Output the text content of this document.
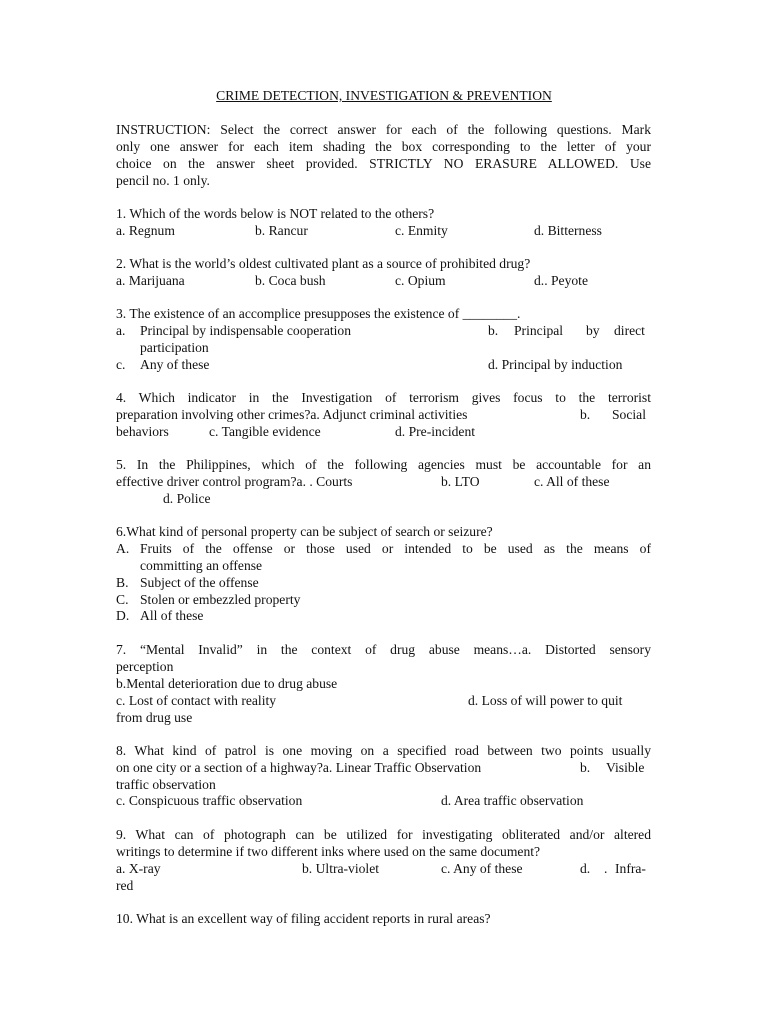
CRIME DETECTION, INVESTIGATION & PREVENTION
INSTRUCTION: Select the correct answer for each of the following questions. Mark
only one answer for each item shading the box corresponding to the letter of your
choice on the answer sheet provided. STRICTLY NO ERASURE ALLOWED. Use
pencil no. 1 only.
1. Which of the words below is NOT related to the others?
a. Regnum	b. Rancur	c. Enmity	d. Bitterness
2. What is the world’s oldest cultivated plant as a source of prohibited drug?
a. Marijuana	b. Coca bush	c. Opium	d.. Peyote
3. The existence of an accomplice presupposes the existence of ________.
a. Principal by indispensable cooperation	b. Principal by direct
participation
c. Any of these	d. Principal by induction
4. Which indicator in the Investigation of terrorism gives focus to the terrorist
preparation involving other crimes?a. Adjunct criminal activities	b. Social
behaviors	c. Tangible evidence	d. Pre-incident
5. In the Philippines, which of the following agencies must be accountable for an
effective driver control program?a. . Courts	b. LTO	c. All of these
d. Police
6.What kind of personal property can be subject of search or seizure?
A. Fruits of the offense or those used or intended to be used as the means of
committing an offense
B. Subject of the offense
C. Stolen or embezzled property
D. All of these
7. “Mental Invalid” in the context of drug abuse means…a. Distorted sensory
perception
b.Mental deterioration due to drug abuse
c. Lost of contact with reality	d. Loss of will power to quit
from drug use
8. What kind of patrol is one moving on a specified road between two points usually
on one city or a section of a highway?a. Linear Traffic Observation	b. Visible
traffic observation
c. Conspicuous traffic observation	d. Area traffic observation
9. What can of photograph can be utilized for investigating obliterated and/or altered
writings to determine if two different inks where used on the same document?
a. X-ray	b. Ultra-violet	c. Any of these	d. . Infra-
red
10. What is an excellent way of filing accident reports in rural areas?
